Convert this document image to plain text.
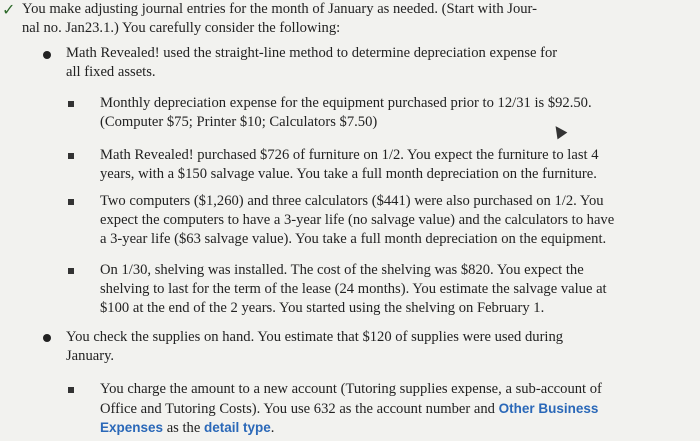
✓ You make adjusting journal entries for the month of January as needed. (Start with Jour-
nal no. Jan23.1.) You carefully consider the following:
Math Revealed! used the straight-line method to determine depreciation expense for
all fixed assets.
Monthly depreciation expense for the equipment purchased prior to 12/31 is $92.50.
(Computer $75; Printer $10; Calculators $7.50)
Math Revealed! purchased $726 of furniture on 1/2. You expect the furniture to last 4
years, with a $150 salvage value. You take a full month depreciation on the furniture.
Two computers ($1,260) and three calculators ($441) were also purchased on 1/2. You
expect the computers to have a 3-year life (no salvage value) and the calculators to have
a 3-year life ($63 salvage value). You take a full month depreciation on the equipment.
On 1/30, shelving was installed. The cost of the shelving was $820. You expect the
shelving to last for the term of the lease (24 months). You estimate the salvage value at
$100 at the end of the 2 years. You started using the shelving on February 1.
You check the supplies on hand. You estimate that $120 of supplies were used during
January.
You charge the amount to a new account (Tutoring supplies expense, a sub-account of
Office and Tutoring Costs). You use 632 as the account number and Other Business
Expenses as the detail type.
